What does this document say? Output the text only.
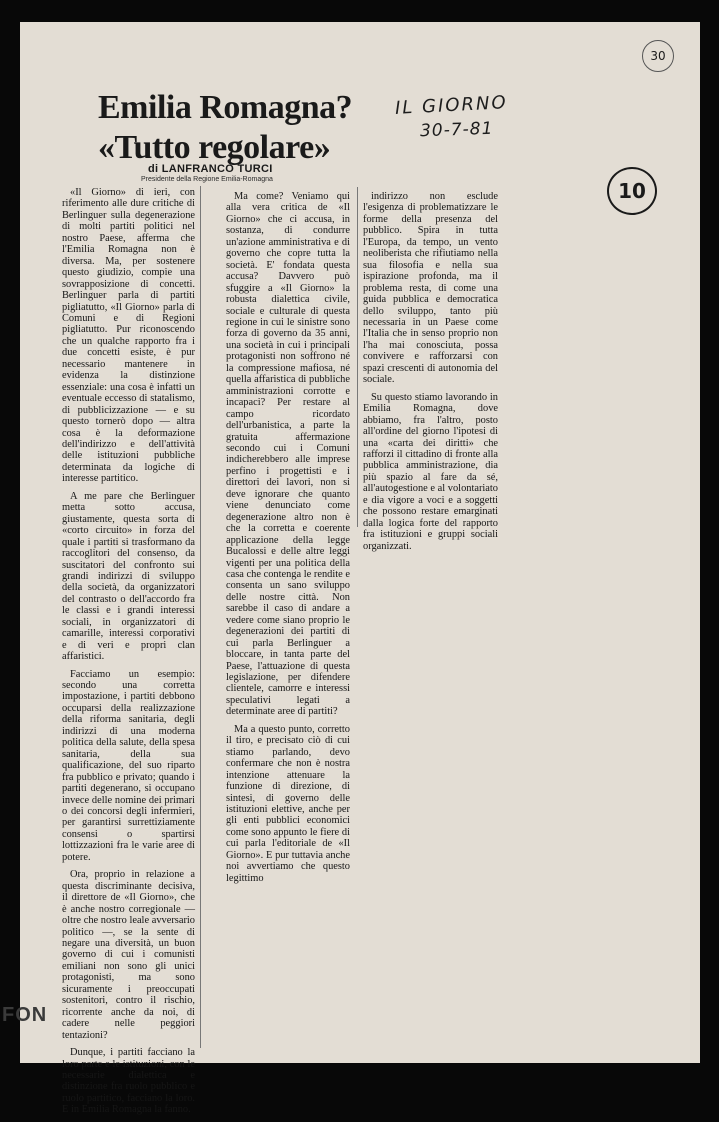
Emilia Romagna?
«Tutto regolare»
di LANFRANCO TURCI
Presidente della Regione Emilia-Romagna
IL GIORNO
30-7-81
30
10

«Il Giorno» di ieri, con riferimento alle dure critiche di Berlinguer sulla degenerazione di molti partiti politici nel nostro Paese, afferma che l'Emilia Romagna non è diversa. Ma, per sostenere questo giudizio, compie una sovrapposizione di concetti. Berlinguer parla di partiti pigliatutto, «Il Giorno» parla di Comuni e di Regioni pigliatutto. Pur riconoscendo che un qualche rapporto fra i due concetti esiste, è pur necessario mantenere in evidenza la distinzione essenziale: una cosa è infatti un eventuale eccesso di statalismo, di pubblicizzazione — e su questo tornerò dopo — altra cosa è la deformazione dell'indirizzo e dell'attività delle istituzioni pubbliche determinata da logiche di interesse partitico.

A me pare che Berlinguer metta sotto accusa, giustamente, questa sorta di «corto circuito» in forza del quale i partiti si trasformano da raccoglitori del consenso, da suscitatori del confronto sui grandi indirizzi di sviluppo della società, da organizzatori del contrasto o dell'accordo fra le classi e i grandi interessi sociali, in organizzatori di camarille, interessi corporativi e di veri e propri clan affaristici.

Facciamo un esempio: secondo una corretta impostazione, i partiti debbono occuparsi della realizzazione della riforma sanitaria, degli indirizzi di una moderna politica della salute, della spesa sanitaria, della sua qualificazione, del suo riparto fra pubblico e privato; quando i partiti degenerano, si occupano invece delle nomine dei primari o dei concorsi degli infermieri, per garantirsi surrettiziamente consensi o spartirsi lottizzazioni fra le varie aree di potere.

Ora, proprio in relazione a questa discriminante decisiva, il direttore de «Il Giorno», che è anche nostro corregionale — oltre che nostro leale avversario politico —, se la sente di negare una diversità, un buon governo di cui i comunisti emiliani non sono gli unici protagonisti, ma sono sicuramente i preoccupati sostenitori, contro il rischio, ricorrente anche da noi, di cadere nelle peggiori tentazioni?

Dunque, i partiti facciano la loro parte e le istituzioni, con le necessarie dialettica e distinzione fra ruolo pubblico e ruolo partitico, facciano la loro. E in Emilia Romagna la fanno.

Ma come? Veniamo qui alla vera critica de «Il Giorno» che ci accusa, in sostanza, di condurre un'azione amministrativa e di governo che copre tutta la società. E' fondata questa accusa? Davvero può sfuggire a «Il Giorno» la robusta dialettica civile, sociale e culturale di questa regione in cui le sinistre sono forza di governo da 35 anni, una società in cui i principali protagonisti non soffrono né la compressione mafiosa, né quella affaristica di pubbliche amministrazioni corrotte e incapaci? Per restare al campo ricordato dell'urbanistica, a parte la gratuita affermazione secondo cui i Comuni indicherebbero alle imprese perfino i progettisti e i direttori dei lavori, non si deve ignorare che quanto viene denunciato come degenerazione altro non è che la corretta e coerente applicazione della legge Bucalossi e delle altre leggi vigenti per una politica della casa che contenga le rendite e consenta un sano sviluppo delle nostre città. Non sarebbe il caso di andare a vedere come siano proprio le degenerazioni dei partiti di cui parla Berlinguer a bloccare, in tanta parte del Paese, l'attuazione di questa legislazione, per difendere clientele, camorre e interessi speculativi legati a determinate aree di partiti?

Ma a questo punto, corretto il tiro, e precisato ciò di cui stiamo parlando, devo confermare che non è nostra intenzione attenuare la funzione di direzione, di sintesi, di governo delle istituzioni elettive, anche per gli enti pubblici economici come sono appunto le fiere di cui parla l'editoriale de «Il Giorno». E pur tuttavia anche noi avvertiamo che questo legittimo

indirizzo non esclude l'esigenza di problematizzare le forme della presenza del pubblico. Spira in tutta l'Europa, da tempo, un vento neoliberista che rifiutiamo nella sua filosofia e nella sua ispirazione profonda, ma il problema resta, di come una guida pubblica e democratica dello sviluppo, tanto più necessaria in un Paese come l'Italia che in senso proprio non l'ha mai conosciuta, possa convivere e rafforzarsi con spazi crescenti di autonomia del sociale.

Su questo stiamo lavorando in Emilia Romagna, dove abbiamo, fra l'altro, posto all'ordine del giorno l'ipotesi di una «carta dei diritti» che rafforzi il cittadino di fronte alla pubblica amministrazione, dia più spazio al fare da sé, all'autogestione e al volontariato e dia vigore a voci e a soggetti che possono restare emarginati dalla logica forte del rapporto fra istituzioni e gruppi sociali organizzati.

FON
